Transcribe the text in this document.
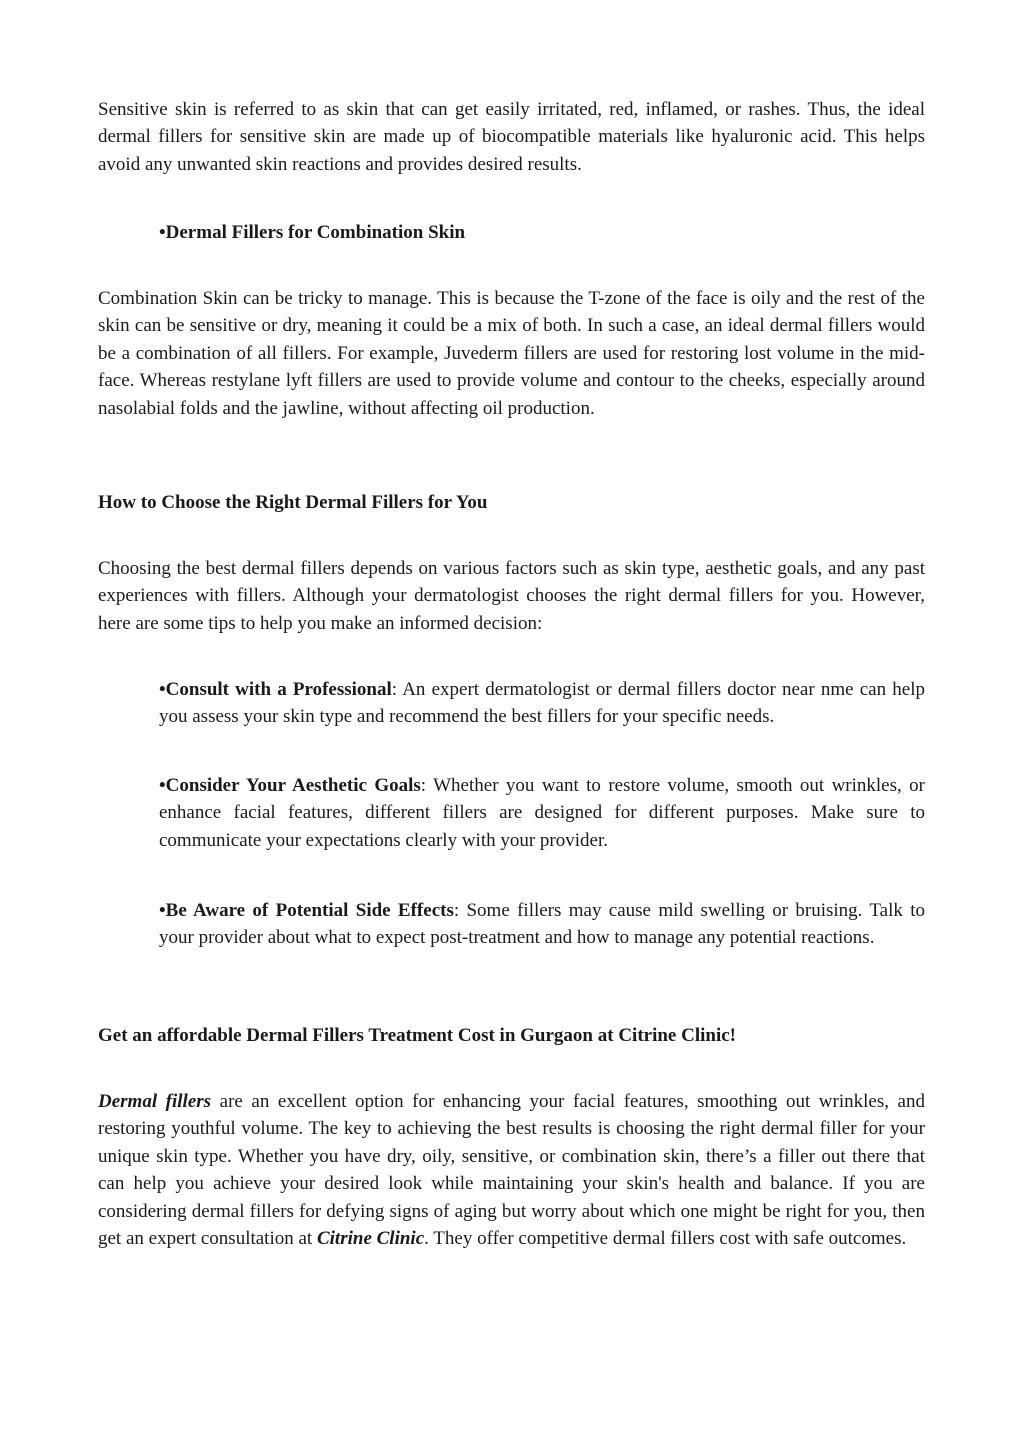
Sensitive skin is referred to as skin that can get easily irritated, red, inflamed, or rashes. Thus, the ideal dermal fillers for sensitive skin are made up of biocompatible materials like hyaluronic acid. This helps avoid any unwanted skin reactions and provides desired results.

•Dermal Fillers for Combination Skin

Combination Skin can be tricky to manage. This is because the T-zone of the face is oily and the rest of the skin can be sensitive or dry, meaning it could be a mix of both. In such a case, an ideal dermal fillers would be a combination of all fillers. For example, Juvederm fillers are used for restoring lost volume in the mid-face. Whereas restylane lyft fillers are used to provide volume and contour to the cheeks, especially around nasolabial folds and the jawline, without affecting oil production.

How to Choose the Right Dermal Fillers for You

Choosing the best dermal fillers depends on various factors such as skin type, aesthetic goals, and any past experiences with fillers. Although your dermatologist chooses the right dermal fillers for you. However, here are some tips to help you make an informed decision:

•Consult with a Professional: An expert dermatologist or dermal fillers doctor near nme can help you assess your skin type and recommend the best fillers for your specific needs.

•Consider Your Aesthetic Goals: Whether you want to restore volume, smooth out wrinkles, or enhance facial features, different fillers are designed for different purposes. Make sure to communicate your expectations clearly with your provider.

•Be Aware of Potential Side Effects: Some fillers may cause mild swelling or bruising. Talk to your provider about what to expect post-treatment and how to manage any potential reactions.

Get an affordable Dermal Fillers Treatment Cost in Gurgaon at Citrine Clinic!

Dermal fillers are an excellent option for enhancing your facial features, smoothing out wrinkles, and restoring youthful volume. The key to achieving the best results is choosing the right dermal filler for your unique skin type. Whether you have dry, oily, sensitive, or combination skin, there’s a filler out there that can help you achieve your desired look while maintaining your skin's health and balance. If you are considering dermal fillers for defying signs of aging but worry about which one might be right for you, then get an expert consultation at Citrine Clinic. They offer competitive dermal fillers cost with safe outcomes.
